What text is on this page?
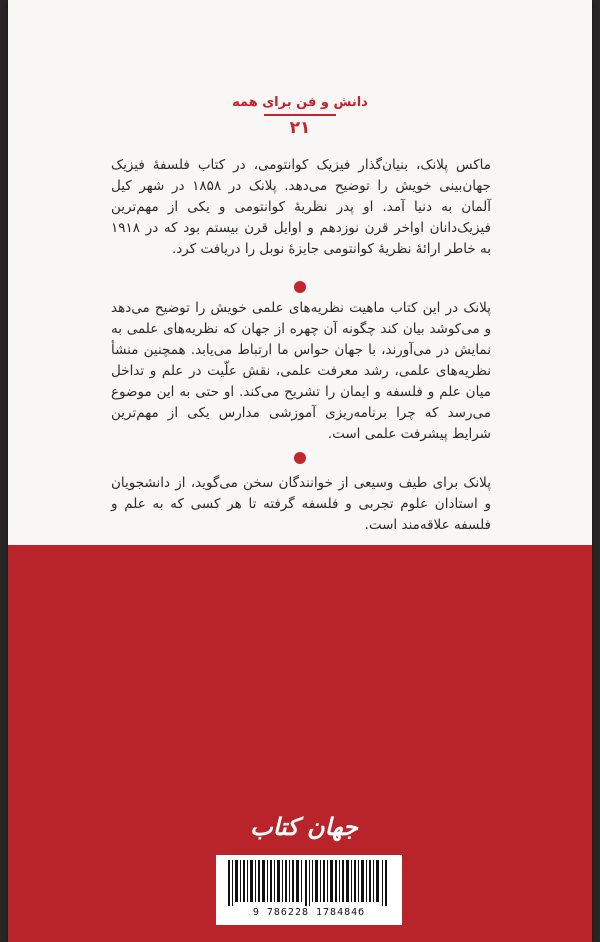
دانش و فن برای همه
۲۱
ماکس پلانک، بنیان‌گذار فیزیک کوانتومی، در کتاب فلسفهٔ فیزیک جهان‌بینی خویش را توضیح می‌دهد. پلانک در ۱۸۵۸ در شهر کیل آلمان به دنیا آمد. او پدر نظریهٔ کوانتومی و یکی از مهم‌ترین فیزیک‌دانان اواخر قرن نوزدهم و اوایل قرن بیستم بود که در ۱۹۱۸ به خاطر ارائهٔ نظریهٔ کوانتومی جایزهٔ نوبل را دریافت کرد.
پلانک در این کتاب ماهیت نظریه‌های علمی خویش را توضیح می‌دهد و می‌کوشد بیان کند چگونه آن چهره از جهان که نظریه‌های علمی به نمایش در می‌آورند، با جهان حواس ما ارتباط می‌یابد. همچنین منشأ نظریه‌های علمی، رشد معرفت علمی، نقش علّیت در علم و تداخل میان علم و فلسفه و ایمان را تشریح می‌کند. او حتی به این موضوع می‌رسد که چرا برنامه‌ریزی آموزشی مدارس یکی از مهم‌ترین شرایط پیشرفت علمی است.
پلانک برای طیف وسیعی از خوانندگان سخن می‌گوید، از دانشجویان و استادان علوم تجربی و فلسفه گرفته تا هر کسی که به علم و فلسفه علاقه‌مند است.
جهان کتاب
9 786228 178484б
